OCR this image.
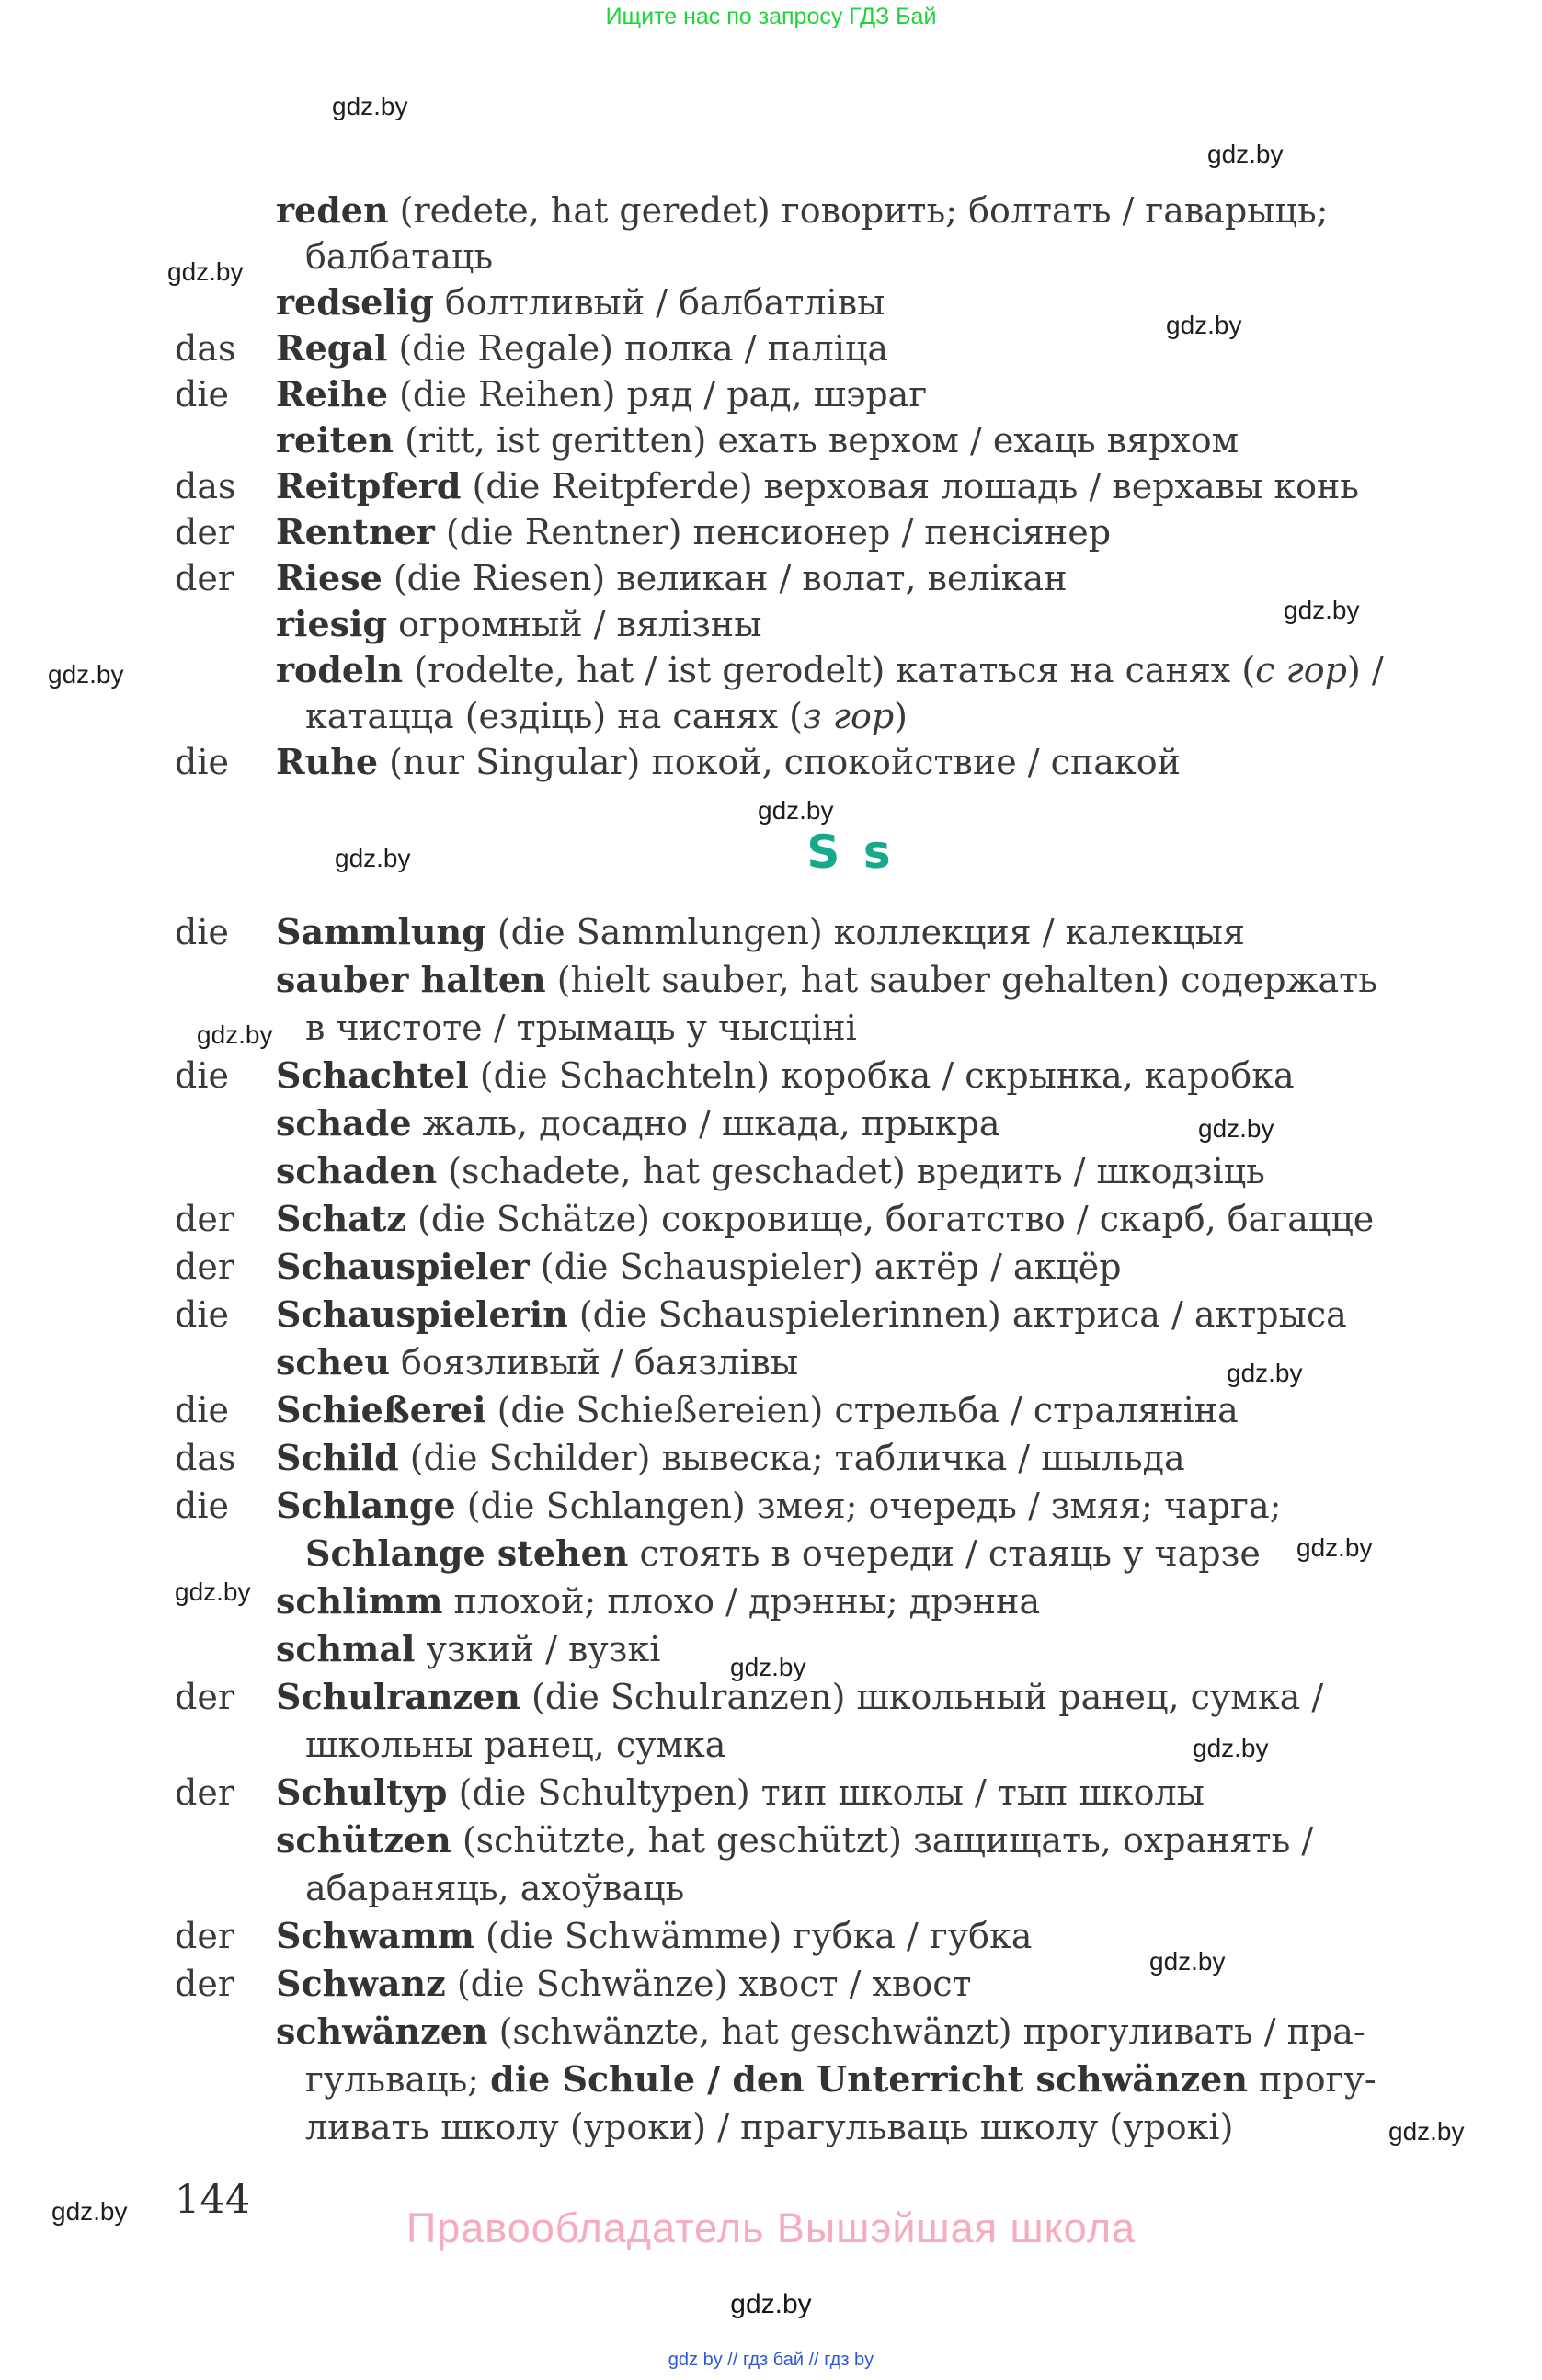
Ищите нас по запросу ГДЗ Бай
gdz.by
gdz.by
gdz.by
gdz.by
gdz.by
gdz.by
gdz.by
gdz.by
gdz.by
gdz.by
gdz.by
gdz.by
gdz.by
gdz.by
gdz.by
gdz.by
gdz.by
gdz.by
reden (redete, hat geredet) говорить; болтать / гаварыць;
балбатаць
redselig болтливый / балбатлівы
das Regal (die Regale) полка / паліца
die Reihe (die Reihen) ряд / рад, шэраг
reiten (ritt, ist geritten) ехать верхом / ехаць вярхом
das Reitpferd (die Reitpferde) верховая лошадь / верхавы конь
der Rentner (die Rentner) пенсионер / пенсіянер
der Riese (die Riesen) великан / волат, велікан
riesig огромный / вялізны
rodeln (rodelte, hat / ist gerodelt) кататься на санях (с гор) /
катацца (ездіць) на санях (з гор)
die Ruhe (nur Singular) покой, спокойствие / спакой
S s
die Sammlung (die Sammlungen) коллекция / калекцыя
sauber halten (hielt sauber, hat sauber gehalten) содержать
в чистоте / трымаць у чысціні
die Schachtel (die Schachteln) коробка / скрынка, каробка
schade жаль, досадно / шкада, прыкра
schaden (schadete, hat geschadet) вредить / шкодзіць
der Schatz (die Schätze) сокровище, богатство / скарб, багацце
der Schauspieler (die Schauspieler) актёр / акцёр
die Schauspielerin (die Schauspielerinnen) актриса / актрыса
scheu боязливый / баязлівы
die Schießerei (die Schießereien) стрельба / страляніна
das Schild (die Schilder) вывеска; табличка / шыльда
die Schlange (die Schlangen) змея; очередь / змяя; чарга;
Schlange stehen стоять в очереди / стаяць у чарзе
schlimm плохой; плохо / дрэнны; дрэнна
schmal узкий / вузкі
der Schulranzen (die Schulranzen) школьный ранец, сумка /
школьны ранец, сумка
der Schultyp (die Schultypen) тип школы / тып школы
schützen (schützte, hat geschützt) защищать, охранять /
абараняць, ахоўваць
der Schwamm (die Schwämme) губка / губка
der Schwanz (die Schwänze) хвост / хвост
schwänzen (schwänzte, hat geschwänzt) прогуливать / пра-
гульваць; die Schule / den Unterricht schwänzen прогу-
ливать школу (уроки) / прагульваць школу (урокі)
144
Правообладатель Вышэйшая школа
gdz.by
gdz by // гдз бай // гдз by
